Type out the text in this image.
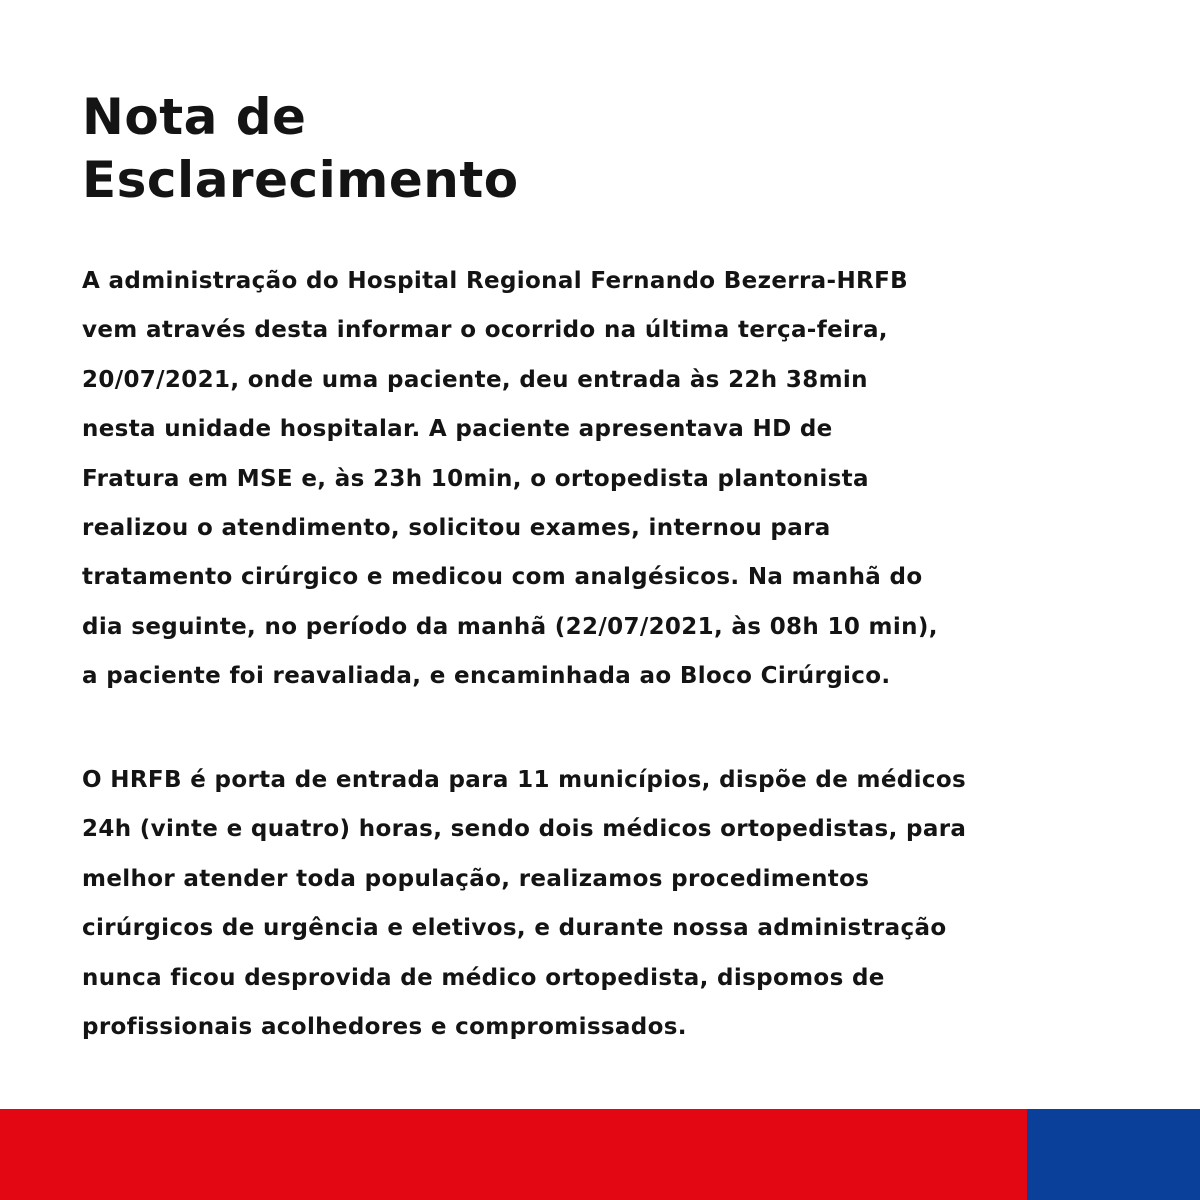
Nota de
Esclarecimento
A administração do Hospital Regional Fernando Bezerra-HRFB
vem através desta informar o ocorrido na última terça-feira,
20/07/2021, onde uma paciente, deu entrada às 22h 38min
nesta unidade hospitalar. A paciente apresentava HD de
Fratura em MSE e, às 23h 10min, o ortopedista plantonista
realizou o atendimento, solicitou exames, internou para
tratamento cirúrgico e medicou com analgésicos. Na manhã do
dia seguinte, no período da manhã (22/07/2021, às 08h 10 min),
a paciente foi reavaliada, e encaminhada ao Bloco Cirúrgico.
O HRFB é porta de entrada para 11 municípios, dispõe de médicos
24h (vinte e quatro) horas, sendo dois médicos ortopedistas, para
melhor atender toda população, realizamos procedimentos
cirúrgicos de urgência e eletivos, e durante nossa administração
nunca ficou desprovida de médico ortopedista, dispomos de
profissionais acolhedores e compromissados.
